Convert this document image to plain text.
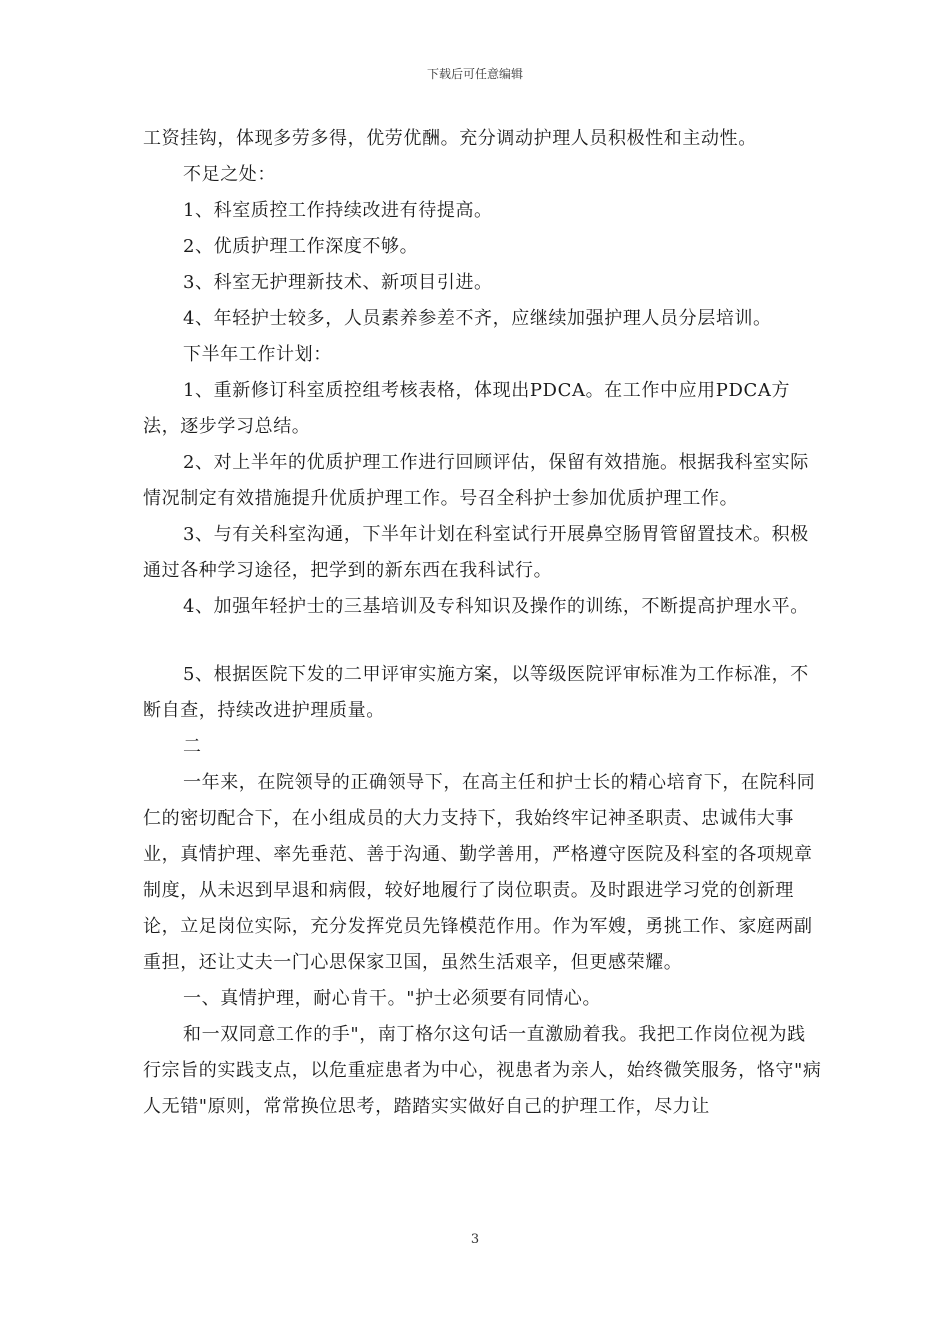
下载后可任意编辑

工资挂钩，体现多劳多得，优劳优酬。充分调动护理人员积极性和主动性。

不足之处：

1、科室质控工作持续改进有待提高。

2、优质护理工作深度不够。

3、科室无护理新技术、新项目引进。

4、年轻护士较多，人员素养参差不齐，应继续加强护理人员分层培训。

下半年工作计划：

1、重新修订科室质控组考核表格，体现出PDCA。在工作中应用PDCA方法，逐步学习总结。

2、对上半年的优质护理工作进行回顾评估，保留有效措施。根据我科室实际情况制定有效措施提升优质护理工作。号召全科护士参加优质护理工作。

3、与有关科室沟通，下半年计划在科室试行开展鼻空肠胃管留置技术。积极通过各种学习途径，把学到的新东西在我科试行。

4、加强年轻护士的三基培训及专科知识及操作的训练，不断提高护理水平。

5、根据医院下发的二甲评审实施方案，以等级医院评审标准为工作标准，不断自查，持续改进护理质量。

二

一年来，在院领导的正确领导下，在高主任和护士长的精心培育下，在院科同仁的密切配合下，在小组成员的大力支持下，我始终牢记神圣职责、忠诚伟大事业，真情护理、率先垂范、善于沟通、勤学善用，严格遵守医院及科室的各项规章制度，从未迟到早退和病假，较好地履行了岗位职责。及时跟进学习党的创新理论，立足岗位实际，充分发挥党员先锋模范作用。作为军嫂，勇挑工作、家庭两副重担，还让丈夫一门心思保家卫国，虽然生活艰辛，但更感荣耀。

一、真情护理，耐心肯干。"护士必须要有同情心。

和一双同意工作的手"，南丁格尔这句话一直激励着我。我把工作岗位视为践行宗旨的实践支点，以危重症患者为中心，视患者为亲人，始终微笑服务，恪守"病人无错"原则，常常换位思考，踏踏实实做好自己的护理工作，尽力让

3
